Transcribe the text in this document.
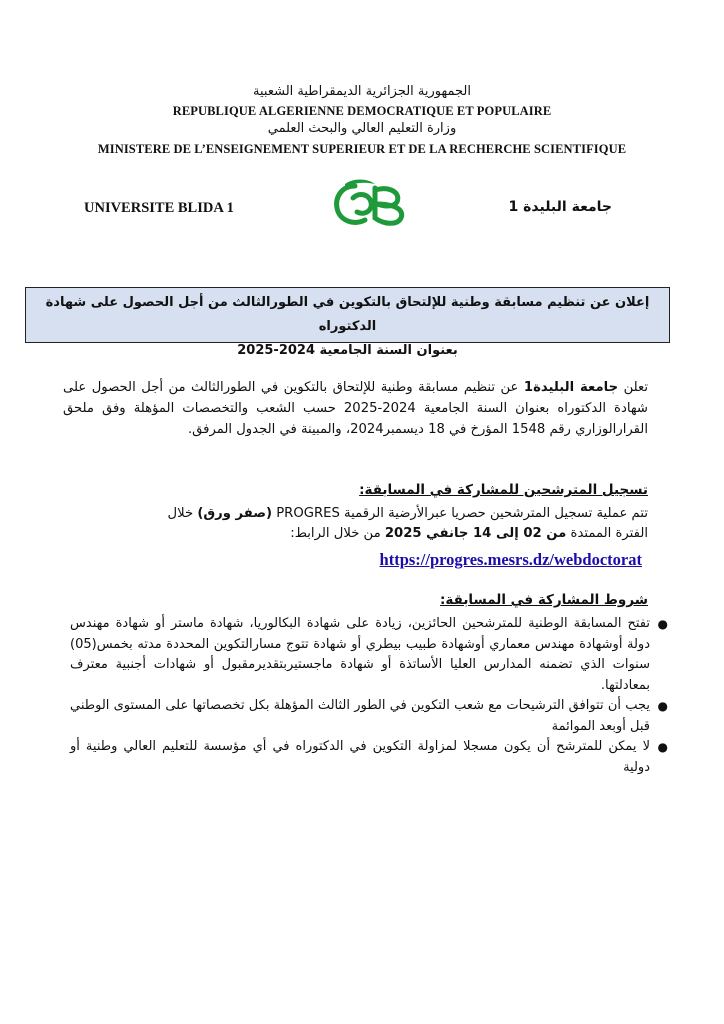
الجمهورية الجزائرية الديمقراطية الشعبية
REPUBLIQUE ALGERIENNE DEMOCRATIQUE ET POPULAIRE
وزارة التعليم العالي والبحث العلمي
MINISTERE DE L’ENSEIGNEMENT SUPERIEUR ET DE LA RECHERCHE SCIENTIFIQUE
UNIVERSITE BLIDA 1	جامعة البليدة 1
إعلان عن تنظيم مسابقة وطنية للإلتحاق بالتكوين في الطورالثالث من أجل الحصول على شهادة الدكتوراه
بعنوان السنة الجامعية 2024-2025
تعلن جامعة البليدة1 عن تنظيم مسابقة وطنية للإلتحاق بالتكوين في الطورالثالث من أجل الحصول على شهادة الدكتوراه بعنوان السنة الجامعية 2024-2025 حسب الشعب والتخصصات المؤهلة وفق ملحق القرارالوزاري رقم 1548 المؤرخ في 18 ديسمبر2024، والمبينة في الجدول المرفق.
تسجيل المترشحين للمشاركة في المسابقة:
تتم عملية تسجيل المترشحين حصريا عبرالأرضية الرقمية PROGRES (صفر ورق) خلال
الفترة الممتدة من 02 إلى 14 جانفي 2025 من خلال الرابط:
https://progres.mesrs.dz/webdoctorat
شروط المشاركة في المسابقة:
●
تفتح المسابقة الوطنية للمترشحين الحائزين، زيادة على شهادة البكالوريا، شهادة ماستر أو شهادة مهندس دولة أوشهادة مهندس معماري أوشهادة طبيب بيطري أو شهادة تتوج مسارالتكوين المحددة مدته بخمس(05) سنوات الذي تضمنه المدارس العليا الأساتذة أو شهادة ماجستيربتقديرمقبول أو شهادات أجنبية معترف بمعادلتها.
●
يجب أن تتوافق الترشيحات مع شعب التكوين في الطور الثالث المؤهلة بكل تخصصاتها على المستوى الوطني قبل أوبعد الموائمة
●
لا يمكن للمترشح أن يكون مسجلا لمزاولة التكوين في الدكتوراه في أي مؤسسة للتعليم العالي وطنية أو دولية
